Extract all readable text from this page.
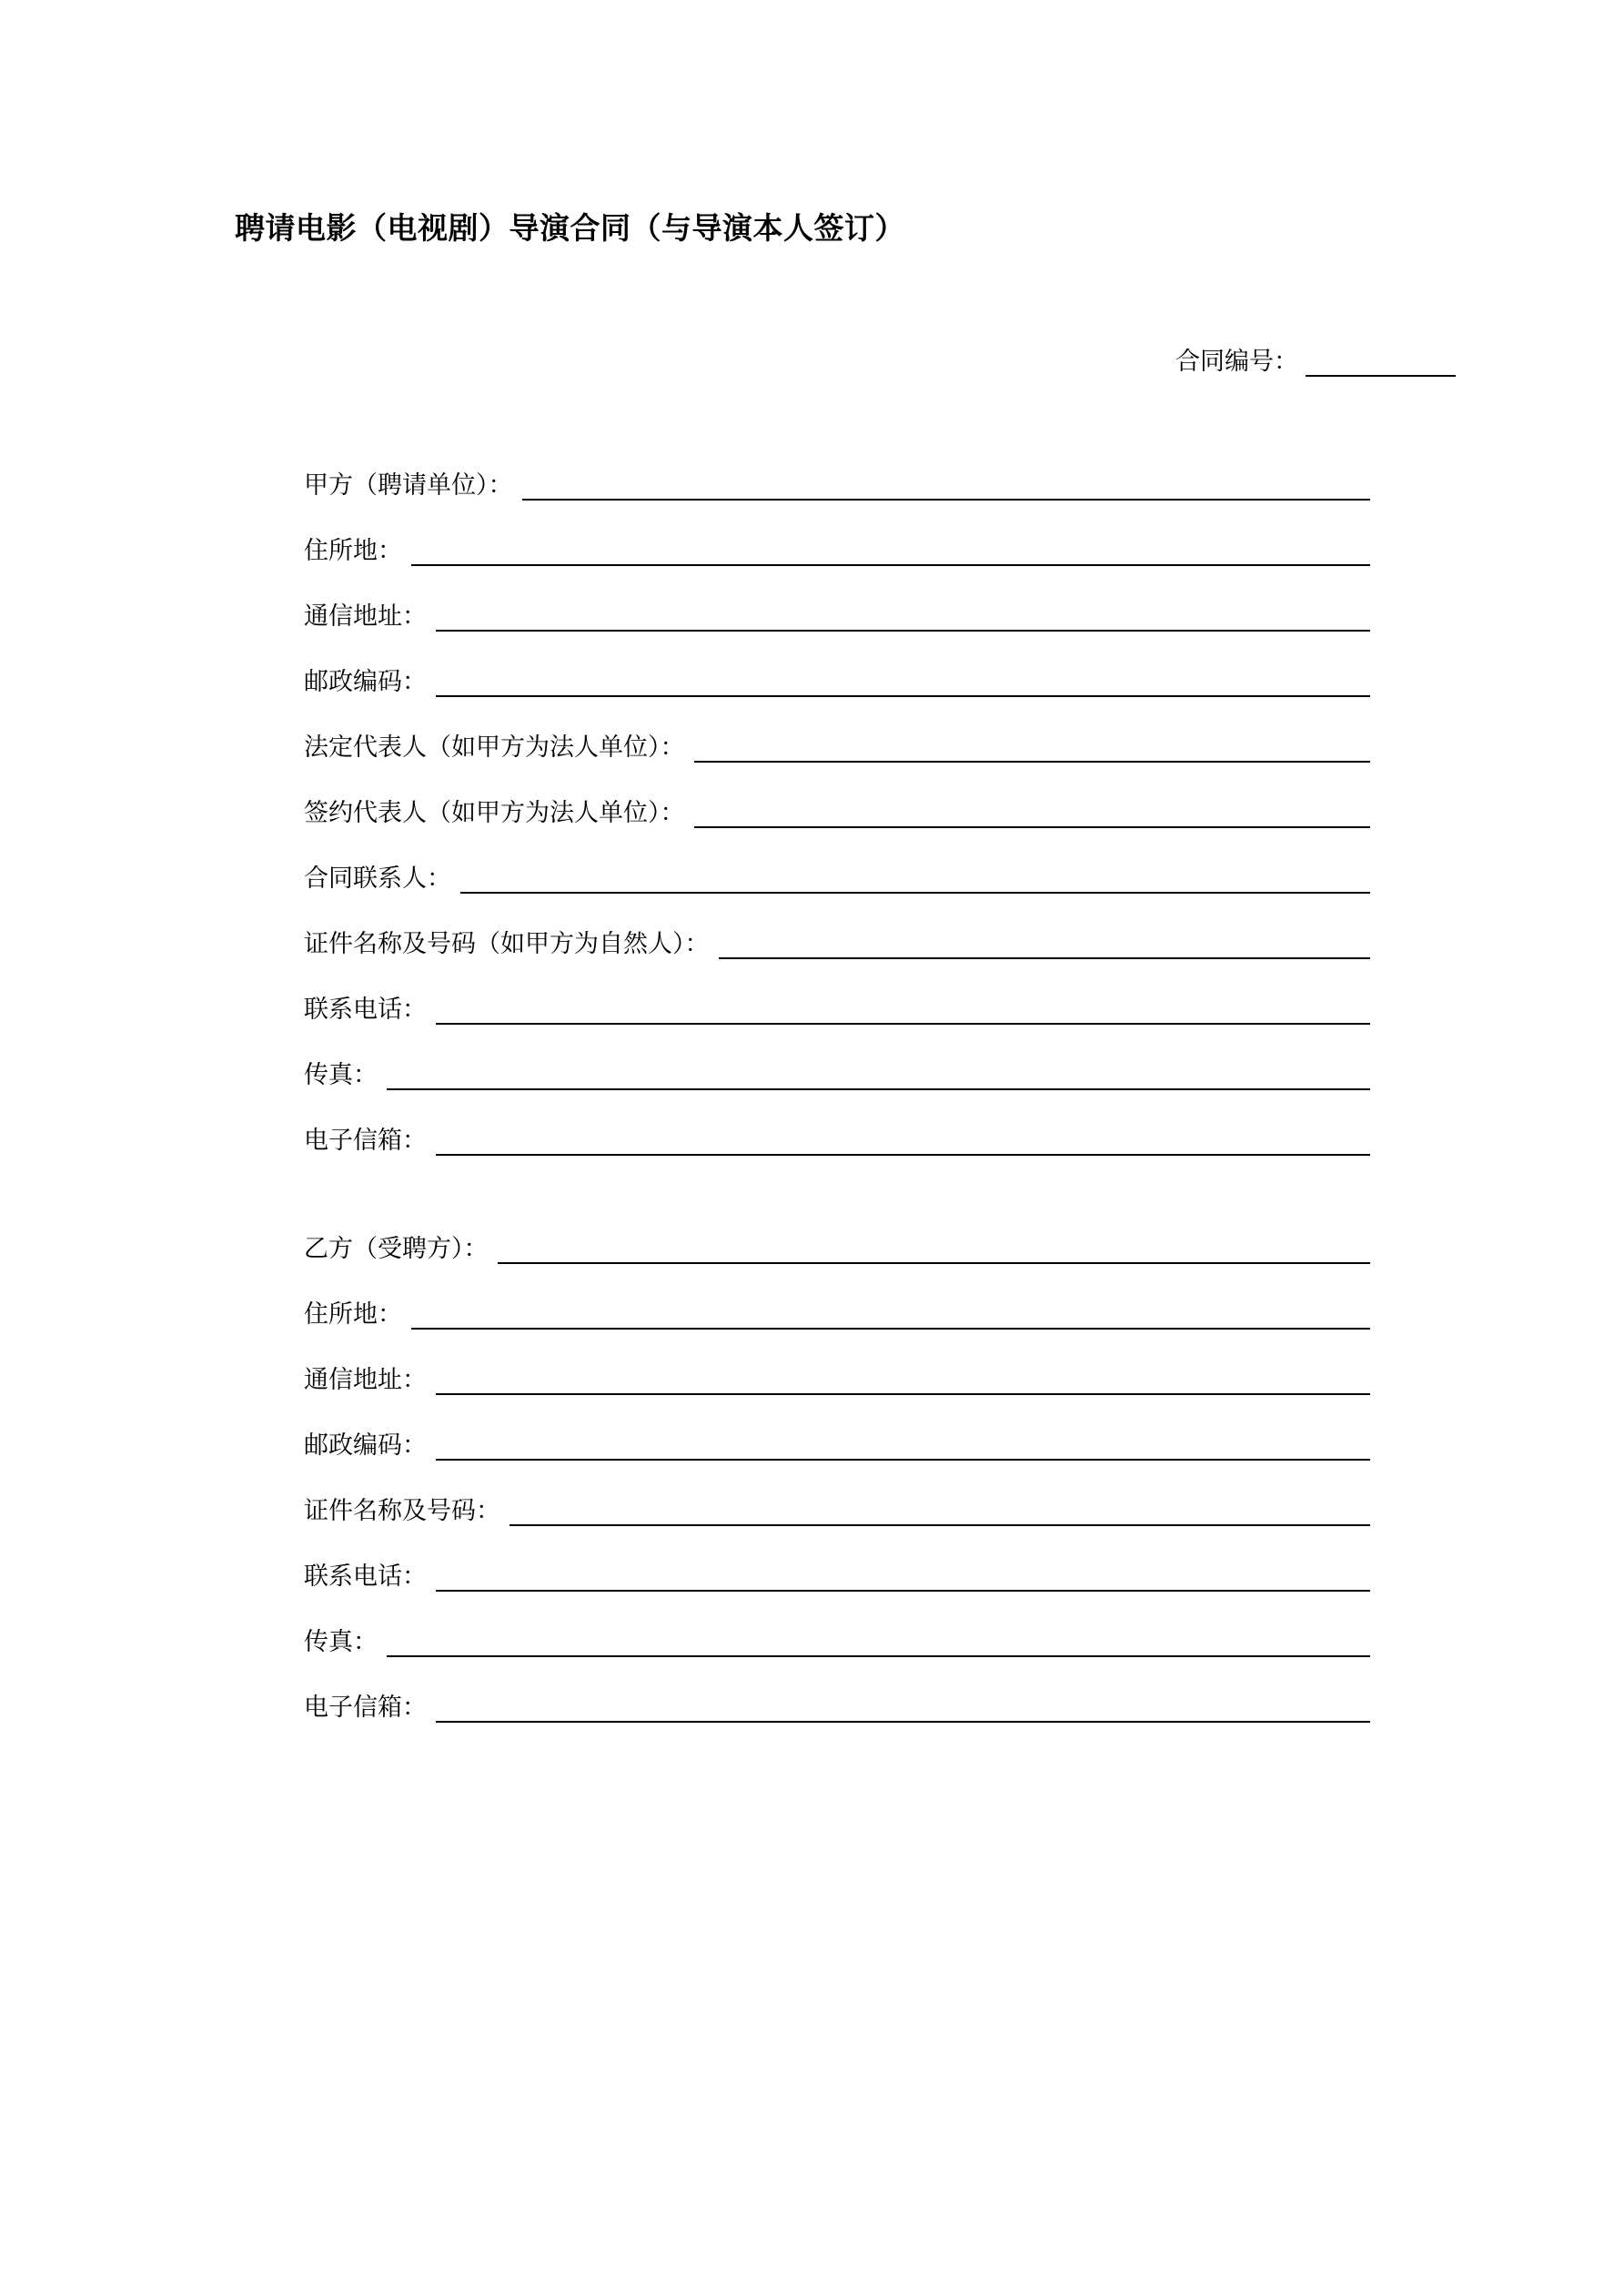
聘请电影（电视剧）导演合同（与导演本人签订）
合同编号：
甲方（聘请单位）：
住所地：
通信地址：
邮政编码：
法定代表人（如甲方为法人单位）：
签约代表人（如甲方为法人单位）：
合同联系人：
证件名称及号码（如甲方为自然人）：
联系电话：
传真：
电子信箱：
乙方（受聘方）：
住所地：
通信地址：
邮政编码：
证件名称及号码：
联系电话：
传真：
电子信箱：
